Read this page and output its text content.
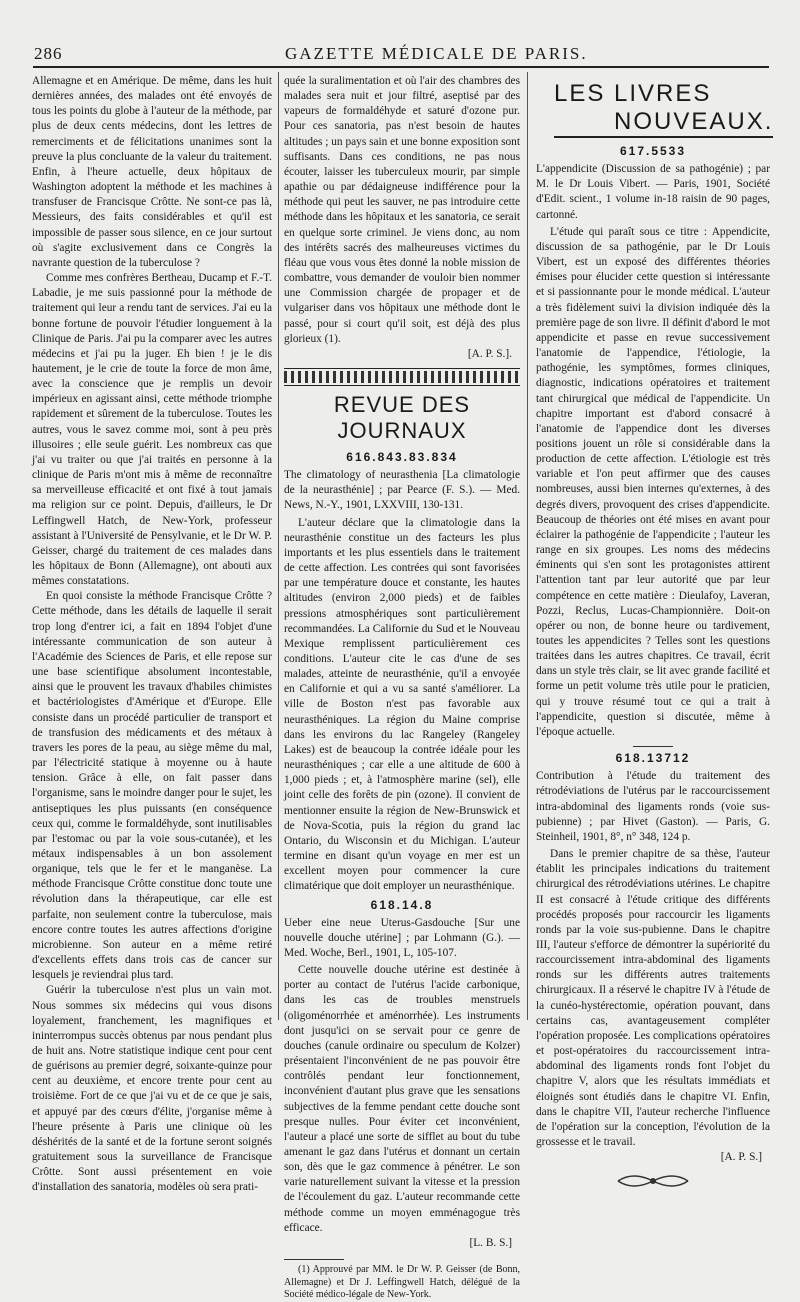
286	GAZETTE MÉDICALE DE PARIS.

Allemagne et en Amérique. De même, dans les huit dernières années, des malades ont été envoyés de tous les points du globe à l'auteur de la méthode, par plus de deux cents médecins, dont les lettres de remerciments et de félicitations unanimes sont la preuve la plus concluante de la valeur du traitement. Enfin, à l'heure actuelle, deux hôpitaux de Washington adoptent la méthode et les machines à transfuser de Francisque Crôtte. Ne sont-ce pas là, Messieurs, des faits considérables et qu'il est impossible de passer sous silence, en ce jour surtout où s'agite exclusivement dans ce Congrès la navrante question de la tuberculose ?

Comme mes confrères Bertheau, Ducamp et F.-T. Labadie, je me suis passionné pour la méthode de traitement qui leur a rendu tant de services. J'ai eu la bonne fortune de pouvoir l'étudier longuement à la Clinique de Paris. J'ai pu la comparer avec les autres médecins et j'ai pu la juger. Eh bien ! je le dis hautement, je le crie de toute la force de mon âme, avec la conscience que je remplis un devoir impérieux en agissant ainsi, cette méthode triomphe rapidement et sûrement de la tuberculose. Toutes les autres, vous le savez comme moi, sont à peu près illusoires ; elle seule guérit. Les nombreux cas que j'ai vu traiter ou que j'ai traités en personne à la clinique de Paris m'ont mis à même de reconnaître sa merveilleuse efficacité et ont fixé à tout jamais ma religion sur ce point. Depuis, d'ailleurs, le Dr Leffingwell Hatch, de New-York, professeur assistant à l'Université de Pensylvanie, et le Dr W. P. Geisser, chargé du traitement de ces malades dans les hôpitaux de Bonn (Allemagne), ont abouti aux mêmes constatations.

En quoi consiste la méthode Francisque Crôtte ? Cette méthode, dans les détails de laquelle il serait trop long d'entrer ici, a fait en 1894 l'objet d'une intéressante communication de son auteur à l'Académie des Sciences de Paris, et elle repose sur une base scientifique absolument incontestable, ainsi que le prouvent les travaux d'habiles chimistes et bactériologistes d'Amérique et d'Europe. Elle consiste dans un procédé particulier de transport et de transfusion des médicaments et des métaux à travers les pores de la peau, au siège même du mal, par l'électricité statique à moyenne ou à haute tension. Grâce à elle, on fait passer dans l'organisme, sans le moindre danger pour le sujet, les antiseptiques les plus puissants (en conséquence ceux qui, comme le formaldéhyde, sont inutilisables par l'estomac ou par la voie sous-cutanée), et les métaux indispensables à un bon assolement organique, tels que le fer et le manganèse. La méthode Francisque Crôtte constitue donc toute une révolution dans la thérapeutique, car elle est parfaite, non seulement contre la tuberculose, mais encore contre toutes les autres affections d'origine microbienne. Son auteur en a même retiré d'excellents effets dans trois cas de cancer sur lesquels je reviendrai plus tard.

Guérir la tuberculose n'est plus un vain mot. Nous sommes six médecins qui vous disons loyalement, franchement, les magnifiques et ininterrompus succès obtenus par nous pendant plus de huit ans. Notre statistique indique cent pour cent de guérisons au premier degré, soixante-quinze pour cent au deuxième, et encore trente pour cent au troisième. Fort de ce que j'ai vu et de ce que je sais, et appuyé par des cœurs d'élite, j'organise même à l'heure présente à Paris une clinique où les déshérités de la santé et de la fortune seront soignés gratuitement sous la surveillance de Francisque Crôtte. Sont aussi présentement en voie d'installation des sanatoria, modèles où sera prati-

quée la suralimentation et où l'air des chambres des malades sera nuit et jour filtré, aseptisé par des vapeurs de formaldéhyde et saturé d'ozone pur. Pour ces sanatoria, pas n'est besoin de hautes altitudes ; un pays sain et une bonne exposition sont suffisants. Dans ces conditions, ne pas nous écouter, laisser les tuberculeux mourir, par simple apathie ou par dédaigneuse indifférence pour la méthode qui peut les sauver, ne pas introduire cette méthode dans les hôpitaux et les sanatoria, ce serait en quelque sorte criminel. Je viens donc, au nom des intérêts sacrés des malheureuses victimes du fléau que vous vous êtes donné la noble mission de combattre, vous demander de vouloir bien nommer une Commission chargée de propager et de vulgariser dans vos hôpitaux une méthode dont le passé, pour si court qu'il soit, est déjà des plus glorieux (1).

[A. P. S.].

REVUE DES JOURNAUX
616.843.83.834

The climatology of neurasthenia [La climatologie de la neurasthénie] ; par Pearce (F. S.). — Med. News, N.-Y., 1901, LXXVIII, 130-131.

L'auteur déclare que la climatologie dans la neurasthénie constitue un des facteurs les plus importants et les plus essentiels dans le traitement de cette affection. Les contrées qui sont favorisées par une température douce et constante, les hautes altitudes (environ 2,000 pieds) et de faibles pressions atmosphériques sont particulièrement recommandées. La Californie du Sud et le Nouveau Mexique remplissent particulièrement ces conditions. L'auteur cite le cas d'une de ses malades, atteinte de neurasthénie, qu'il a envoyée en Californie et qui a vu sa santé s'améliorer. La ville de Boston n'est pas favorable aux neurasthéniques. La région du Maine comprise dans les environs du lac Rangeley (Rangeley Lakes) est de beaucoup la contrée idéale pour les neurasthéniques ; car elle a une altitude de 600 à 1,000 pieds ; et, à l'atmosphère marine (sel), elle joint celle des forêts de pin (ozone). Il convient de mentionner ensuite la région de New-Brunswick et de Nova-Scotia, puis la région du grand lac Ontario, du Wisconsin et du Michigan. L'auteur termine en disant qu'un voyage en mer est un excellent moyen pour commencer la cure climatérique que doit employer un neurasthénique.

618.14.8

Ueber eine neue Uterus-Gasdouche [Sur une nouvelle douche utérine] ; par Lohmann (G.). — Med. Woche, Berl., 1901, L, 105-107.

Cette nouvelle douche utérine est destinée à porter au contact de l'utérus l'acide carbonique, dans les cas de troubles menstruels (oligoménorrhée et aménorrhée). Les instruments dont jusqu'ici on se servait pour ce genre de douches (canule ordinaire ou speculum de Kolzer) présentaient l'inconvénient de ne pas pouvoir être contrôlés pendant leur fonctionnement, inconvénient d'autant plus grave que les sensations subjectives de la femme pendant cette douche sont presque nulles. Pour éviter cet inconvénient, l'auteur a placé une sorte de sifflet au bout du tube amenant le gaz dans l'utérus et donnant un certain son, dès que le gaz commence à pénétrer. Le son varie naturellement suivant la vitesse et la pression de l'écoulement du gaz. L'auteur recommande cette méthode comme un moyen emménagogue très efficace.

[L. B. S.]

(1) Approuvé par MM. le Dr W. P. Geisser (de Bonn, Allemagne) et Dr J. Leffingwell Hatch, délégué de la Société médico-légale de New-York.

LES LIVRES
NOUVEAUX.
617.5533

L'appendicite (Discussion de sa pathogénie) ; par M. le Dr Louis Vibert. — Paris, 1901, Société d'Edit. scient., 1 volume in-18 raisin de 90 pages, cartonné.

L'étude qui paraît sous ce titre : Appendicite, discussion de sa pathogénie, par le Dr Louis Vibert, est un exposé des différentes théories émises pour élucider cette question si intéressante et si passionnante pour le monde médical. L'auteur a très fidèlement suivi la division indiquée dès la première page de son livre. Il définit d'abord le mot appendicite et passe en revue successivement l'anatomie de l'appendice, l'étiologie, la pathogénie, les symptômes, formes cliniques, diagnostic, indications opératoires et traitement tant chirurgical que médical de l'appendicite. Un chapitre important est d'abord consacré à l'anatomie de l'appendice dont les diverses positions jouent un rôle si considérable dans la production de cette affection. L'étiologie est très variable et l'on peut affirmer que des causes nombreuses, aussi bien internes qu'externes, à des degrés divers, provoquent des crises d'appendicite. Beaucoup de théories ont été mises en avant pour éclairer la pathogénie de l'appendicite ; l'auteur les range en six groupes. Les noms des médecins éminents qui s'en sont les protagonistes attirent l'attention tant par leur autorité que par leur compétence en cette matière : Dieulafoy, Laveran, Pozzi, Reclus, Lucas-Championnière. Doit-on opérer ou non, de bonne heure ou tardivement, toutes les appendicites ? Telles sont les questions traitées dans les autres chapitres. Ce travail, écrit dans un style très clair, se lit avec grande facilité et forme un petit volume très utile pour le praticien, qui y trouve résumé tout ce qui a trait à l'appendicite, question si discutée, même à l'époque actuelle.

618.13712

Contribution à l'étude du traitement des rétrodéviations de l'utérus par le raccourcissement intra-abdominal des ligaments ronds (voie sus-pubienne) ; par Hivet (Gaston). — Paris, G. Steinheil, 1901, 8°, n° 348, 124 p.

Dans le premier chapitre de sa thèse, l'auteur établit les principales indications du traitement chirurgical des rétrodéviations utérines. Le chapitre II est consacré à l'étude critique des différents procédés proposés pour raccourcir les ligaments ronds par la voie sus-pubienne. Dans le chapitre III, l'auteur s'efforce de démontrer la supériorité du raccourcissement intra-abdominal des ligaments ronds sur les différents autres traitements chirurgicaux. Il a réservé le chapitre IV à l'étude de la cunéo-hystérectomie, opération pouvant, dans certains cas, avantageusement compléter l'opération proposée. Les complications opératoires et post-opératoires du raccourcissement intra-abdominal des ligaments ronds font l'objet du chapitre V, alors que les résultats immédiats et éloignés sont étudiés dans le chapitre VI. Enfin, dans le chapitre VII, l'auteur recherche l'influence de l'opération sur la conception, l'évolution de la grossesse et le travail.

[A. P. S.]
